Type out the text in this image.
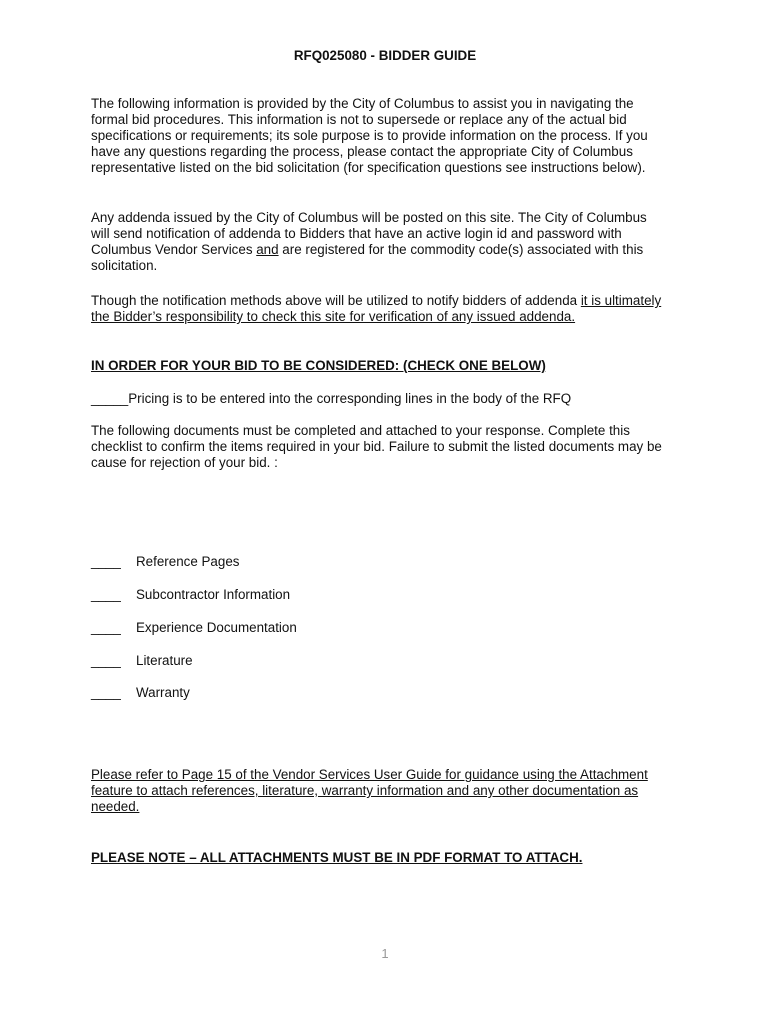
RFQ025080 - BIDDER GUIDE

The following information is provided by the City of Columbus to assist you in navigating the formal bid procedures. This information is not to supersede or replace any of the actual bid specifications or requirements; its sole purpose is to provide information on the process. If you have any questions regarding the process, please contact the appropriate City of Columbus representative listed on the bid solicitation (for specification questions see instructions below).

Any addenda issued by the City of Columbus will be posted on this site. The City of Columbus will send notification of addenda to Bidders that have an active login id and password with Columbus Vendor Services and are registered for the commodity code(s) associated with this solicitation.

Though the notification methods above will be utilized to notify bidders of addenda it is ultimately the Bidder’s responsibility to check this site for verification of any issued addenda.

IN ORDER FOR YOUR BID TO BE CONSIDERED: (CHECK ONE BELOW)

_____Pricing is to be entered into the corresponding lines in the body of the RFQ

The following documents must be completed and attached to your response. Complete this checklist to confirm the items required in your bid. Failure to submit the listed documents may be cause for rejection of your bid. :

____ Reference Pages
____ Subcontractor Information
____ Experience Documentation
____ Literature
____ Warranty

Please refer to Page 15 of the Vendor Services User Guide for guidance using the Attachment feature to attach references, literature, warranty information and any other documentation as needed.

PLEASE NOTE – ALL ATTACHMENTS MUST BE IN PDF FORMAT TO ATTACH.

1
